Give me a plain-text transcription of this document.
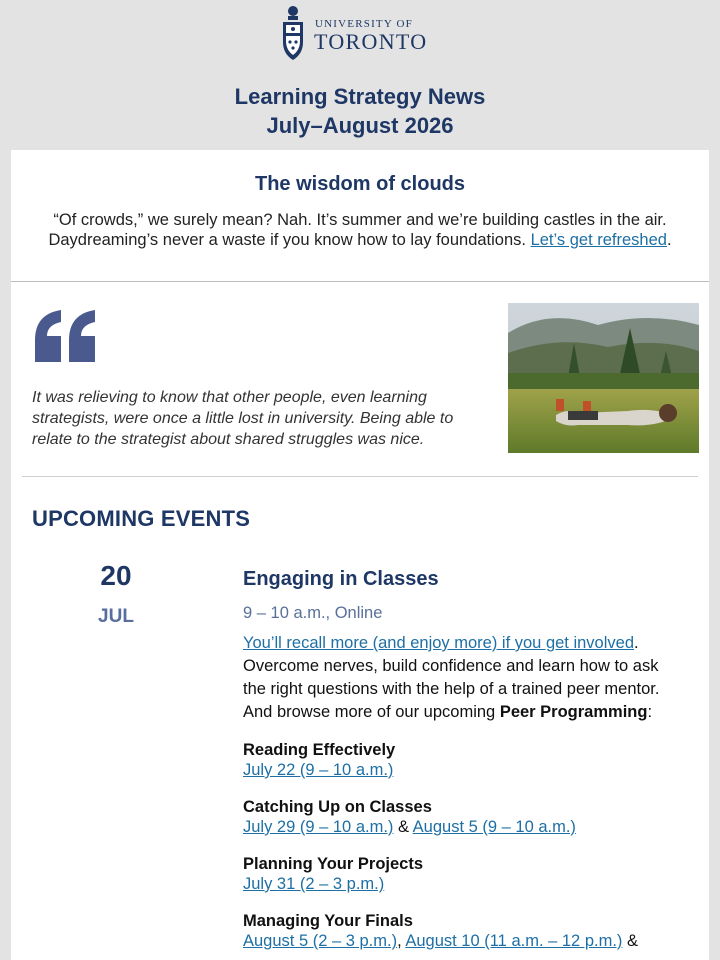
UNIVERSITY OF
TORONTO
Learning Strategy News
July–August 2026
The wisdom of clouds

“Of crowds,” we surely mean? Nah. It’s summer and we’re building castles in the air.
Daydreaming’s never a waste if you know how to lay foundations. Let’s get refreshed.

It was relieving to know that other people, even learning strategists, were once a little lost in university. Being able to relate to the strategist about shared struggles was nice.
UPCOMING EVENTS
20
JUL
Engaging in Classes
9 – 10 a.m., Online
You’ll recall more (and enjoy more) if you get involved. Overcome nerves, build confidence and learn how to ask the right questions with the help of a trained peer mentor. And browse more of our upcoming Peer Programming:
Reading Effectively
July 22 (9 – 10 a.m.)
Catching Up on Classes
July 29 (9 – 10 a.m.) & August 5 (9 – 10 a.m.)
Planning Your Projects
July 31 (2 – 3 p.m.)
Managing Your Finals
August 5 (2 – 3 p.m.), August 10 (11 a.m. – 12 p.m.) &
